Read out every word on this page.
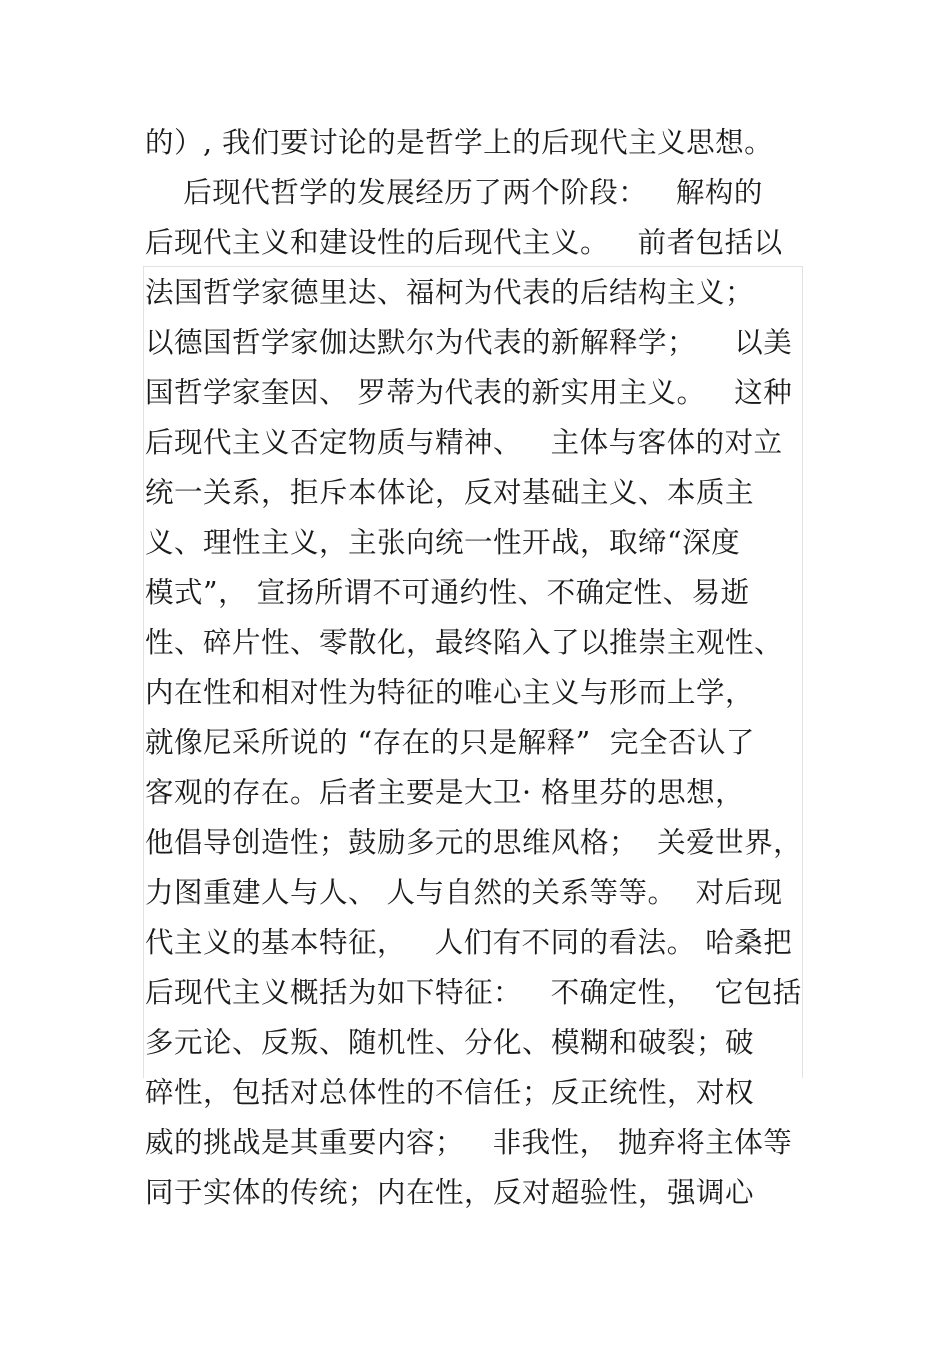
的）, 我们要讨论的是哲学上的后现代主义思想。
后现代哲学的发展经历了两个阶段：   解构的
后现代主义和建设性的后现代主义。   前者包括以
法国哲学家德里达、福柯为代表的后结构主义；
以德国哲学家伽达默尔为代表的新解释学；    以美
国哲学家奎因、 罗蒂为代表的新实用主义。   这种
后现代主义否定物质与精神、   主体与客体的对立
统一关系，拒斥本体论，反对基础主义、本质主
义、理性主义，主张向统一性开战，取缔“深度
模式”， 宣扬所谓不可通约性、不确定性、易逝
性、碎片性、零散化，最终陷入了以推崇主观性、
内在性和相对性为特征的唯心主义与形而上学，
就像尼采所说的 “存在的只是解释”  完全否认了
客观的存在。后者主要是大卫· 格里芬的思想，
他倡导创造性；鼓励多元的思维风格；  关爱世界，
力图重建人与人、 人与自然的关系等等。  对后现
代主义的基本特征，   人们有不同的看法。 哈桑把
后现代主义概括为如下特征：   不确定性，  它包括
多元论、反叛、随机性、分化、模糊和破裂；破
碎性，包括对总体性的不信任；反正统性，对权
威的挑战是其重要内容；   非我性， 抛弃将主体等
同于实体的传统；内在性，反对超验性，强调心
